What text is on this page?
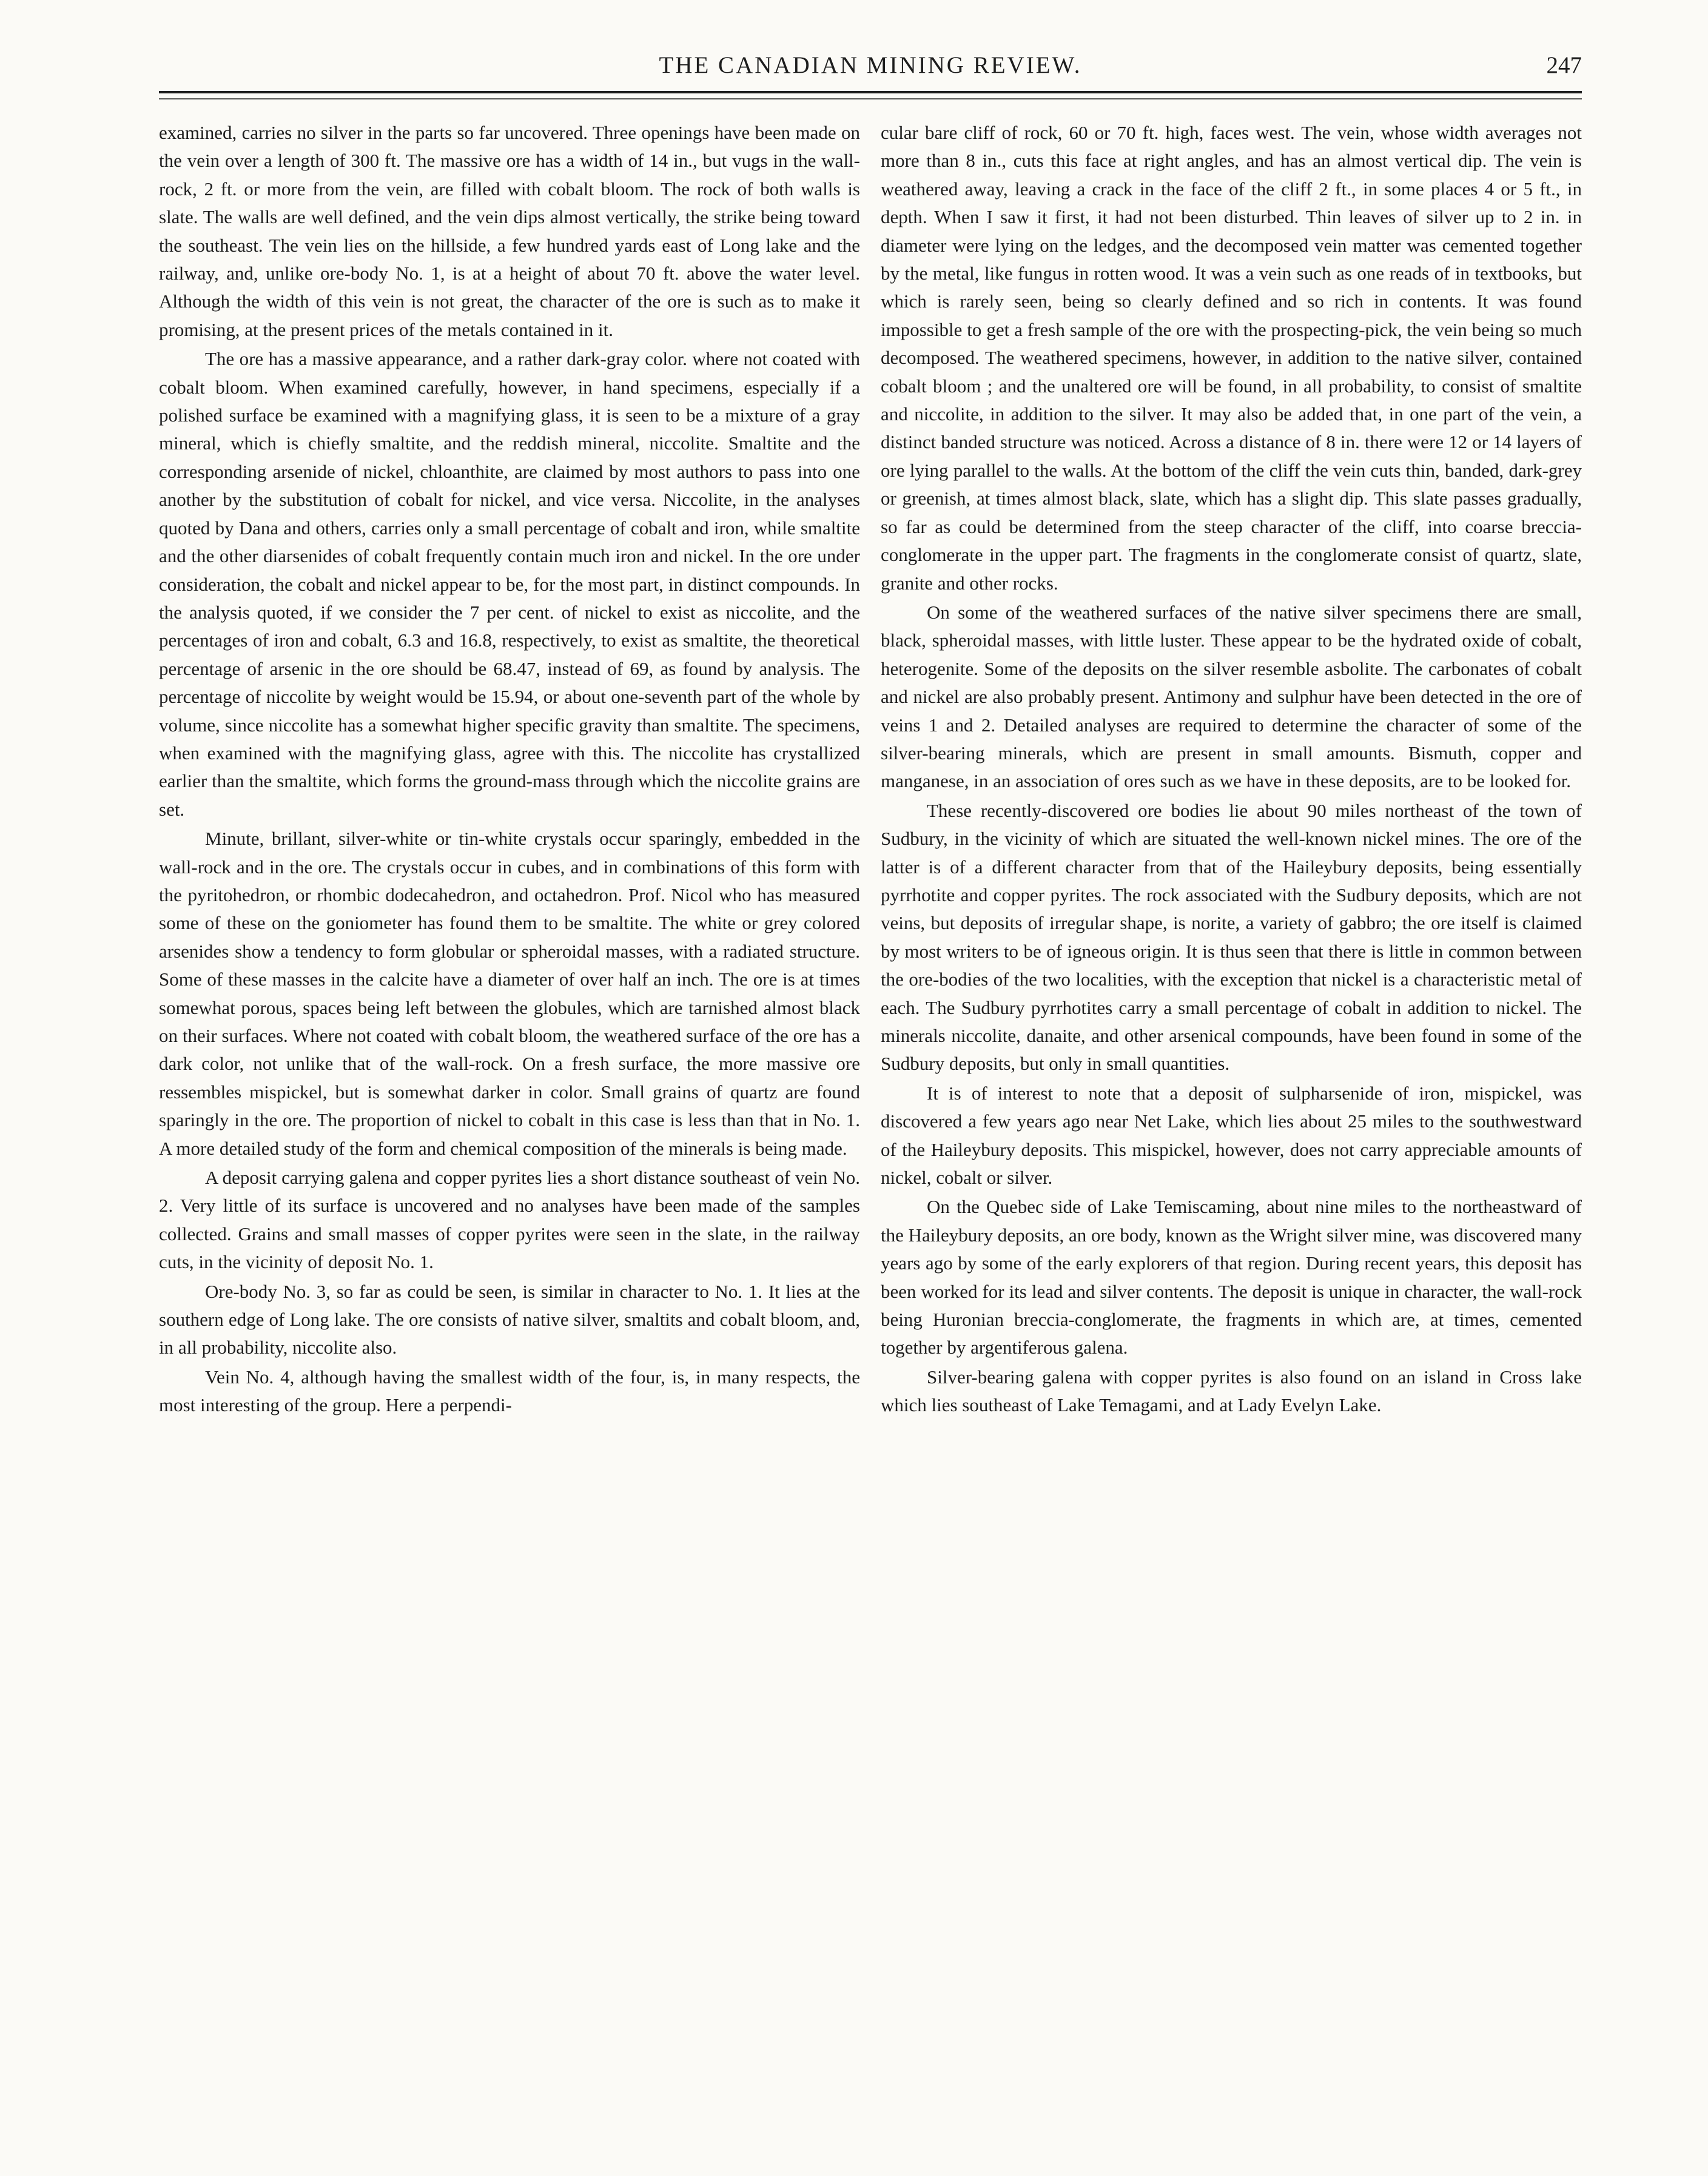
THE CANADIAN MINING REVIEW.	247

examined, carries no silver in the parts so far uncovered. Three openings have been made on the vein over a length of 300 ft. The massive ore has a width of 14 in., but vugs in the wall-rock, 2 ft. or more from the vein, are filled with cobalt bloom. The rock of both walls is slate. The walls are well defined, and the vein dips almost vertically, the strike being toward the southeast. The vein lies on the hillside, a few hundred yards east of Long lake and the railway, and, unlike ore-body No. 1, is at a height of about 70 ft. above the water level. Although the width of this vein is not great, the character of the ore is such as to make it promising, at the present prices of the metals contained in it.

The ore has a massive appearance, and a rather dark-gray color. where not coated with cobalt bloom. When examined carefully, however, in hand specimens, especially if a polished surface be examined with a magnifying glass, it is seen to be a mixture of a gray mineral, which is chiefly smaltite, and the reddish mineral, niccolite. Smaltite and the corresponding arsenide of nickel, chloanthite, are claimed by most authors to pass into one another by the substitution of cobalt for nickel, and vice versa. Niccolite, in the analyses quoted by Dana and others, carries only a small percentage of cobalt and iron, while smaltite and the other diarsenides of cobalt frequently contain much iron and nickel. In the ore under consideration, the cobalt and nickel appear to be, for the most part, in distinct compounds. In the analysis quoted, if we consider the 7 per cent. of nickel to exist as niccolite, and the percentages of iron and cobalt, 6.3 and 16.8, respectively, to exist as smaltite, the theoretical percentage of arsenic in the ore should be 68.47, instead of 69, as found by analysis. The percentage of niccolite by weight would be 15.94, or about one-seventh part of the whole by volume, since niccolite has a somewhat higher specific gravity than smaltite. The specimens, when examined with the magnifying glass, agree with this. The niccolite has crystallized earlier than the smaltite, which forms the ground-mass through which the niccolite grains are set.

Minute, brillant, silver-white or tin-white crystals occur sparingly, embedded in the wall-rock and in the ore. The crystals occur in cubes, and in combinations of this form with the pyritohedron, or rhombic dodecahedron, and octahedron. Prof. Nicol who has measured some of these on the goniometer has found them to be smaltite. The white or grey colored arsenides show a tendency to form globular or spheroidal masses, with a radiated structure. Some of these masses in the calcite have a diameter of over half an inch. The ore is at times somewhat porous, spaces being left between the globules, which are tarnished almost black on their surfaces. Where not coated with cobalt bloom, the weathered surface of the ore has a dark color, not unlike that of the wall-rock. On a fresh surface, the more massive ore ressembles mispickel, but is somewhat darker in color. Small grains of quartz are found sparingly in the ore. The proportion of nickel to cobalt in this case is less than that in No. 1. A more detailed study of the form and chemical composition of the minerals is being made.

A deposit carrying galena and copper pyrites lies a short distance southeast of vein No. 2. Very little of its surface is uncovered and no analyses have been made of the samples collected. Grains and small masses of copper pyrites were seen in the slate, in the railway cuts, in the vicinity of deposit No. 1.

Ore-body No. 3, so far as could be seen, is similar in character to No. 1. It lies at the southern edge of Long lake. The ore consists of native silver, smaltits and cobalt bloom, and, in all probability, niccolite also.

Vein No. 4, although having the smallest width of the four, is, in many respects, the most interesting of the group. Here a perpendi-

cular bare cliff of rock, 60 or 70 ft. high, faces west. The vein, whose width averages not more than 8 in., cuts this face at right angles, and has an almost vertical dip. The vein is weathered away, leaving a crack in the face of the cliff 2 ft., in some places 4 or 5 ft., in depth. When I saw it first, it had not been disturbed. Thin leaves of silver up to 2 in. in diameter were lying on the ledges, and the decomposed vein matter was cemented together by the metal, like fungus in rotten wood. It was a vein such as one reads of in textbooks, but which is rarely seen, being so clearly defined and so rich in contents. It was found impossible to get a fresh sample of the ore with the prospecting-pick, the vein being so much decomposed. The weathered specimens, however, in addition to the native silver, contained cobalt bloom ; and the unaltered ore will be found, in all probability, to consist of smaltite and niccolite, in addition to the silver. It may also be added that, in one part of the vein, a distinct banded structure was noticed. Across a distance of 8 in. there were 12 or 14 layers of ore lying parallel to the walls. At the bottom of the cliff the vein cuts thin, banded, dark-grey or greenish, at times almost black, slate, which has a slight dip. This slate passes gradually, so far as could be determined from the steep character of the cliff, into coarse breccia-conglomerate in the upper part. The fragments in the conglomerate consist of quartz, slate, granite and other rocks.

On some of the weathered surfaces of the native silver specimens there are small, black, spheroidal masses, with little luster. These appear to be the hydrated oxide of cobalt, heterogenite. Some of the deposits on the silver resemble asbolite. The carbonates of cobalt and nickel are also probably present. Antimony and sulphur have been detected in the ore of veins 1 and 2. Detailed analyses are required to determine the character of some of the silver-bearing minerals, which are present in small amounts. Bismuth, copper and manganese, in an association of ores such as we have in these deposits, are to be looked for.

These recently-discovered ore bodies lie about 90 miles northeast of the town of Sudbury, in the vicinity of which are situated the well-known nickel mines. The ore of the latter is of a different character from that of the Haileybury deposits, being essentially pyrrhotite and copper pyrites. The rock associated with the Sudbury deposits, which are not veins, but deposits of irregular shape, is norite, a variety of gabbro; the ore itself is claimed by most writers to be of igneous origin. It is thus seen that there is little in common between the ore-bodies of the two localities, with the exception that nickel is a characteristic metal of each. The Sudbury pyrrhotites carry a small percentage of cobalt in addition to nickel. The minerals niccolite, danaite, and other arsenical compounds, have been found in some of the Sudbury deposits, but only in small quantities.

It is of interest to note that a deposit of sulpharsenide of iron, mispickel, was discovered a few years ago near Net Lake, which lies about 25 miles to the southwestward of the Haileybury deposits. This mispickel, however, does not carry appreciable amounts of nickel, cobalt or silver.

On the Quebec side of Lake Temiscaming, about nine miles to the northeastward of the Haileybury deposits, an ore body, known as the Wright silver mine, was discovered many years ago by some of the early explorers of that region. During recent years, this deposit has been worked for its lead and silver contents. The deposit is unique in character, the wall-rock being Huronian breccia-conglomerate, the fragments in which are, at times, cemented together by argentiferous galena.

Silver-bearing galena with copper pyrites is also found on an island in Cross lake which lies southeast of Lake Temagami, and at Lady Evelyn Lake.
